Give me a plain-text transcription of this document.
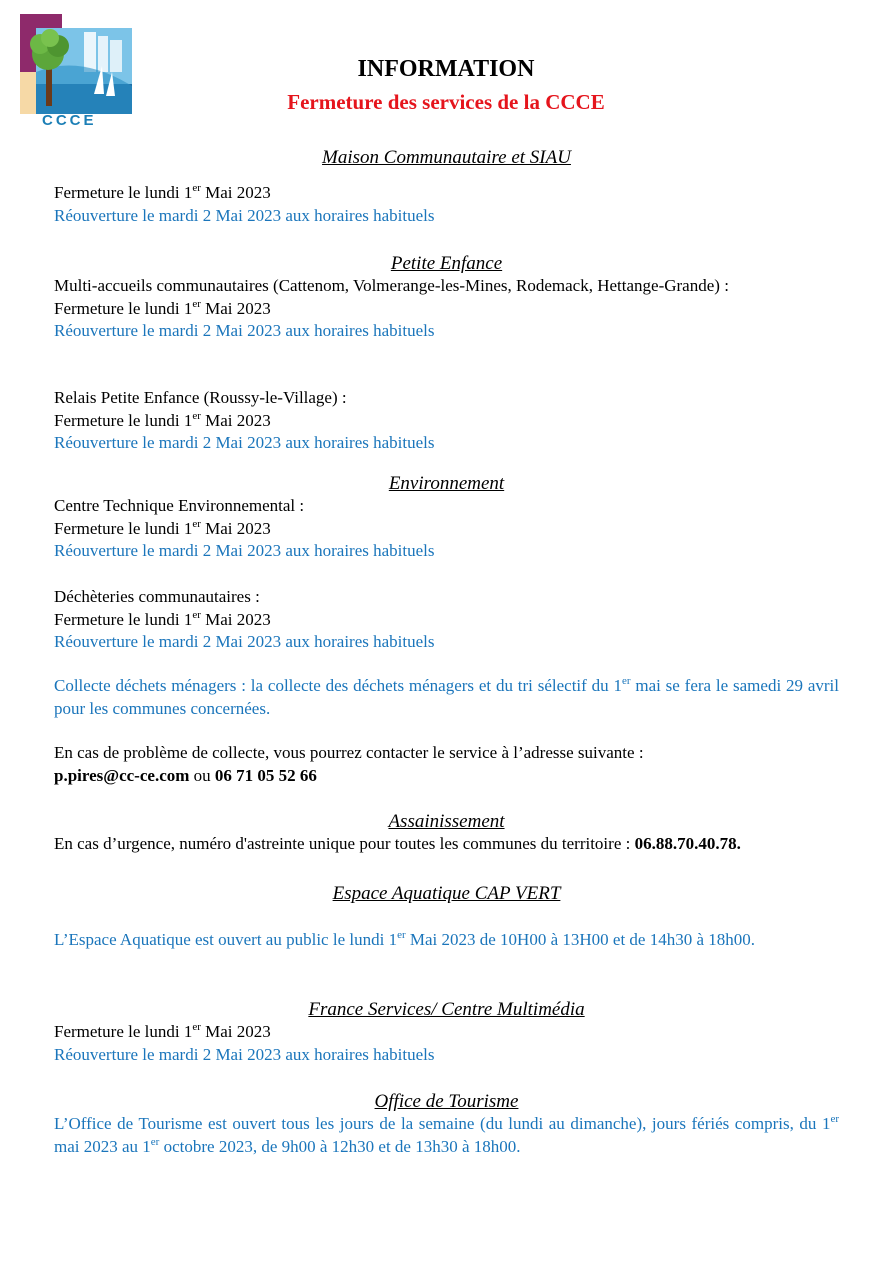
CCCE
INFORMATION
Fermeture des services de la CCCE
Maison Communautaire et SIAU
Fermeture le lundi 1er Mai 2023
Réouverture le mardi 2 Mai 2023 aux horaires habituels
Petite Enfance
Multi-accueils communautaires (Cattenom, Volmerange-les-Mines, Rodemack, Hettange-Grande) :
Fermeture le lundi 1er Mai 2023
Réouverture le mardi 2 Mai 2023 aux horaires habituels
Relais Petite Enfance (Roussy-le-Village) :
Fermeture le lundi 1er Mai 2023
Réouverture le mardi 2 Mai 2023 aux horaires habituels
Environnement
Centre Technique Environnemental :
Fermeture le lundi 1er Mai 2023
Réouverture le mardi 2 Mai 2023 aux horaires habituels
Déchèteries communautaires :
Fermeture le lundi 1er Mai 2023
Réouverture le mardi 2 Mai 2023 aux horaires habituels
Collecte déchets ménagers : la collecte des déchets ménagers et du tri sélectif du 1er mai se fera le samedi 29 avril pour les communes concernées.
En cas de problème de collecte, vous pourrez contacter le service à l’adresse suivante :
p.pires@cc-ce.com ou 06 71 05 52 66
Assainissement
En cas d’urgence, numéro d'astreinte unique pour toutes les communes du territoire : 06.88.70.40.78.
Espace Aquatique CAP VERT
L’Espace Aquatique est ouvert au public le lundi 1er Mai 2023 de 10H00 à 13H00 et de 14h30 à 18h00.
France Services/ Centre Multimédia
Fermeture le lundi 1er Mai 2023
Réouverture le mardi 2 Mai 2023 aux horaires habituels
Office de Tourisme
L’Office de Tourisme est ouvert tous les jours de la semaine (du lundi au dimanche), jours fériés compris, du 1er mai 2023 au 1er octobre 2023, de 9h00 à 12h30 et de 13h30 à 18h00.
